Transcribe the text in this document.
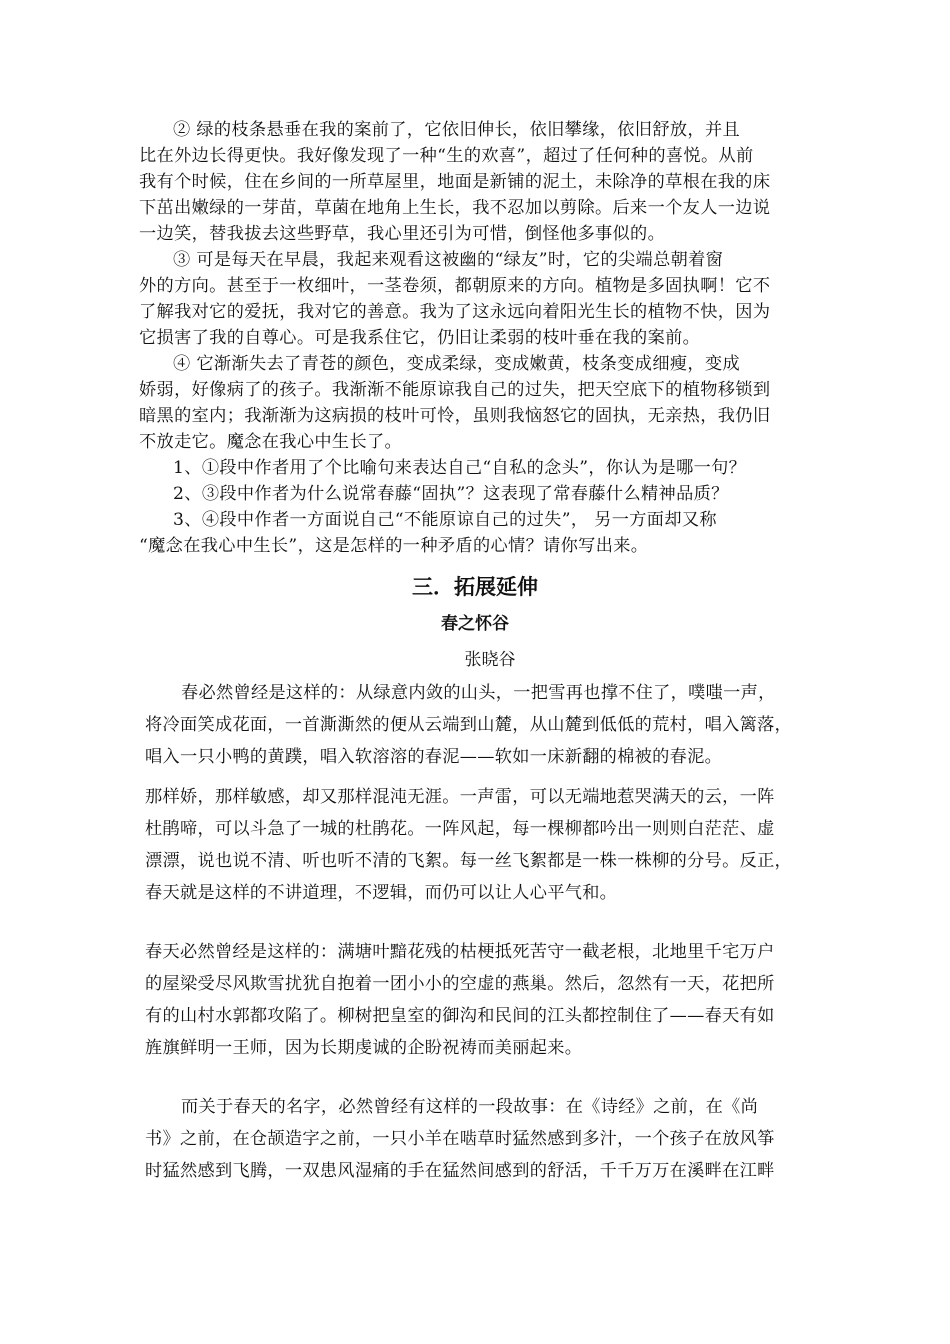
② 绿的枝条悬垂在我的案前了，它依旧伸长，依旧攀缘，依旧舒放，并且
比在外边长得更快。我好像发现了一种“生的欢喜”，超过了任何种的喜悦。从前
我有个时候，住在乡间的一所草屋里，地面是新铺的泥土，未除净的草根在我的床
下茁出嫩绿的一芽苗，草菌在地角上生长，我不忍加以剪除。后来一个友人一边说
一边笑，替我拔去这些野草，我心里还引为可惜，倒怪他多事似的。
③ 可是每天在早晨，我起来观看这被幽的“绿友”时，它的尖端总朝着窗
外的方向。甚至于一枚细叶，一茎卷须，都朝原来的方向。植物是多固执啊！它不
了解我对它的爱抚，我对它的善意。我为了这永远向着阳光生长的植物不快，因为
它损害了我的自尊心。可是我系住它，仍旧让柔弱的枝叶垂在我的案前。
④ 它渐渐失去了青苍的颜色，变成柔绿，变成嫩黄，枝条变成细瘦，变成
娇弱，好像病了的孩子。我渐渐不能原谅我自己的过失，把天空底下的植物移锁到
暗黑的室内；我渐渐为这病损的枝叶可怜，虽则我恼怒它的固执，无亲热，我仍旧
不放走它。魔念在我心中生长了。
1、①段中作者用了个比喻句来表达自己“自私的念头”，你认为是哪一句？
2、③段中作者为什么说常春藤“固执”？这表现了常春藤什么精神品质？
3、④段中作者一方面说自己“不能原谅自己的过失”， 另一方面却又称
“魔念在我心中生长”，这是怎样的一种矛盾的心情？请你写出来。
三．拓展延伸
春之怀谷
张晓谷
春必然曾经是这样的：从绿意内敛的山头，一把雪再也撑不住了，噗嗤一声，
将冷面笑成花面，一首澌澌然的便从云端到山麓，从山麓到低低的荒村，唱入篱落，
唱入一只小鸭的黄蹼，唱入软溶溶的春泥——软如一床新翻的棉被的春泥。
那样娇，那样敏感，却又那样混沌无涯。一声雷，可以无端地惹哭满天的云，一阵
杜鹃啼，可以斗急了一城的杜鹃花。一阵风起，每一棵柳都吟出一则则白茫茫、虚
漂漂，说也说不清、听也听不清的飞絮。每一丝飞絮都是一株一株柳的分号。反正，
春天就是这样的不讲道理，不逻辑，而仍可以让人心平气和。
春天必然曾经是这样的：满塘叶黯花残的枯梗抵死苦守一截老根，北地里千宅万户
的屋梁受尽风欺雪扰犹自抱着一团小小的空虚的燕巢。然后，忽然有一天，花把所
有的山村水郭都攻陷了。柳树把皇室的御沟和民间的江头都控制住了——春天有如
旌旗鲜明一王师，因为长期虔诚的企盼祝祷而美丽起来。
而关于春天的名字，必然曾经有这样的一段故事：在《诗经》之前，在《尚
书》之前，在仓颉造字之前，一只小羊在啮草时猛然感到多汁，一个孩子在放风筝
时猛然感到飞腾，一双患风湿痛的手在猛然间感到的舒活，千千万万在溪畔在江畔
